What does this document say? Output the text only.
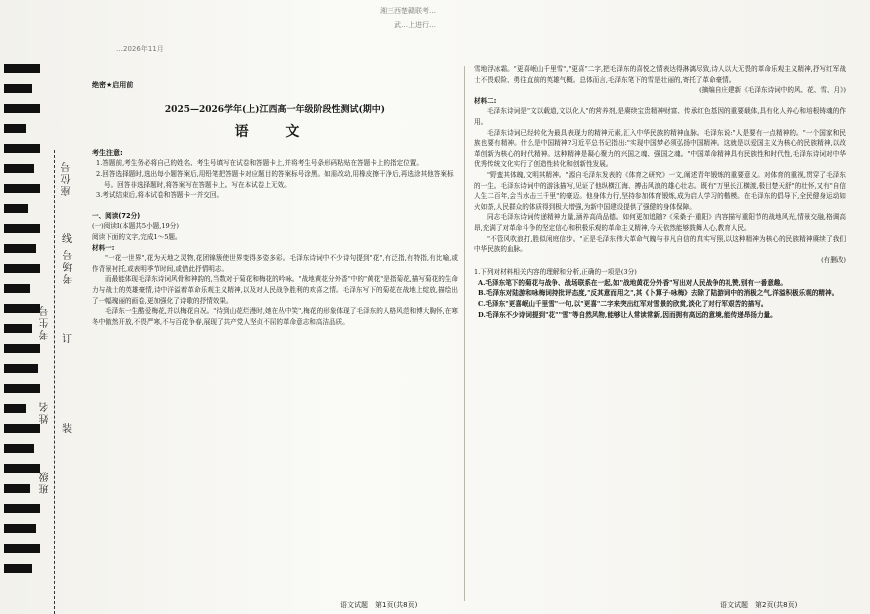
…2026年11月
湘三西楚赣联考…
武…上进行…
座位号
考场号
考生号
姓名
班级
线
订
装
绝密★启用前
2025—2026学年(上)江西高一年级阶段性测试(期中)
语 文
考生注意:
1.答题前,考生务必将自己的姓名、考生号填写在试卷和答题卡上,并将考生号条形码粘贴在答题卡上的指定位置。
2.回答选择题时,选出每小题答案后,用铅笔把答题卡对应题目的答案标号涂黑。如需改动,用橡皮擦干净后,再选涂其他答案标号。回答非选择题时,将答案写在答题卡上。写在本试卷上无效。
3.考试结束后,将本试卷和答题卡一并交回。
一、阅读(72分)
(一)阅读Ⅰ(本题共5小题,19分)
阅读下面的文字,完成1～5题。
材料一:
"一花一世界",花为天地之灵物,花团锦簇使世界变得多姿多彩。毛泽东诗词中不少诗句提到"花",有泛指,有特指,有比喻,或作背景衬托,或表明季节时间,或借此抒情明志。
而最能体现毛泽东诗词风骨和神韵的,当数对于菊花和梅花的吟咏。"战地黄花分外香"中的"黄花"是指菊花,描写菊花的生命力与战士的英雄豪情,诗中洋溢着革命乐观主义精神,以及对人民战争胜利的欢喜之情。毛泽东写下的菊花在战地上绽放,描绘出了一幅瑰丽的画卷,更加强化了诗歌的抒情效果。
毛泽东一生酷爱梅花,并以梅花自况。"待到山花烂漫时,她在丛中笑",梅花的形象体现了毛泽东的人格风范和博大胸怀,在寒冬中傲然开放,不畏严寒,不与百花争春,展现了共产党人坚贞不屈的革命意志和高洁品质。
雪地浮冰霜。"更喜岷山千里雪","更喜"二字,把毛泽东的喜悦之情表达得淋漓尽致,诗人以大无畏的革命乐观主义精神,抒写红军战士不畏艰险、勇往直前的英雄气概。总体而言,毛泽东笔下的雪是壮丽的,寄托了革命豪情。
(摘编自庄建新《毛泽东诗词中的风、花、雪、月》)
材料二:
毛泽东诗词是"文以载道,文以化人"的营养剂,是赓续宝贵精神财富、传承红色基因的重要载体,具有化人养心和培根铸魂的作用。
毛泽东诗词已经转化为最具表现力的精神元素,汇入中华民族的精神血脉。毛泽东说:"人是要有一点精神的。"一个国家和民族也要有精神。什么是中国精神?习近平总书记指出:"实现中国梦必须弘扬中国精神。这就是以爱国主义为核心的民族精神,以改革创新为核心的时代精神。这种精神是凝心聚力的兴国之魂、强国之魂。"中国革命精神具有民族性和时代性,毛泽东诗词对中华优秀传统文化实行了创造性转化和创新性发展。
"野蛮其体魄,文明其精神。"源自毛泽东发表的《体育之研究》一文,阐述青年锻炼的重要意义。对体育的重视,贯穿了毛泽东的一生。毛泽东诗词中的游泳描写,见证了他纵横江海、搏击风浪的雄心壮志。既有"万里长江横渡,极目楚天舒"的壮怀,又有"自信人生二百年,会当水击三千里"的豪迈。他身体力行,坚持参加体育锻炼,成为启人学习的楷模。在毛泽东的倡导下,全民健身运动如火如荼,人民群众的体质得到极大增强,为新中国建设提供了强健的身体保障。
同志毛泽东诗词传递精神力量,涵养高尚品德。如何更加追随?《采桑子·重阳》内容描写重阳节的战地风光,情景交融,格调高昂,充满了对革命斗争的坚定信心和积极乐观的革命主义精神,今天依然能够鼓舞人心,教育人民。
"不管风吹浪打,胜似闲庭信步。"正是毛泽东伟大革命气魄与非凡自信的真实写照,以这种精神为核心的民族精神赓续了我们中华民族的血脉。
(有删改)
1.下列对材料相关内容的理解和分析,正确的一项是(3分)
A.毛泽东笔下的菊花与战争、战场联系在一起,如"战地黄花分外香"写出对人民战争的礼赞,别有一番意趣。
B.毛泽东对陆游和咏梅词持批评态度,"反其意而用之",其《卜算子·咏梅》去除了陆游词中的消极之气,洋溢积极乐观的精神。
C.毛泽东"更喜岷山千里雪"一句,以"更喜"二字来突出红军对雪景的欣赏,淡化了对行军艰苦的描写。
D.毛泽东不少诗词提到"花""雪"等自然风物,能够让人常读常新,因而拥有高远的意境,能传递昂扬力量。
语文试题　第1页(共8页)	语文试题　第2页(共8页)
